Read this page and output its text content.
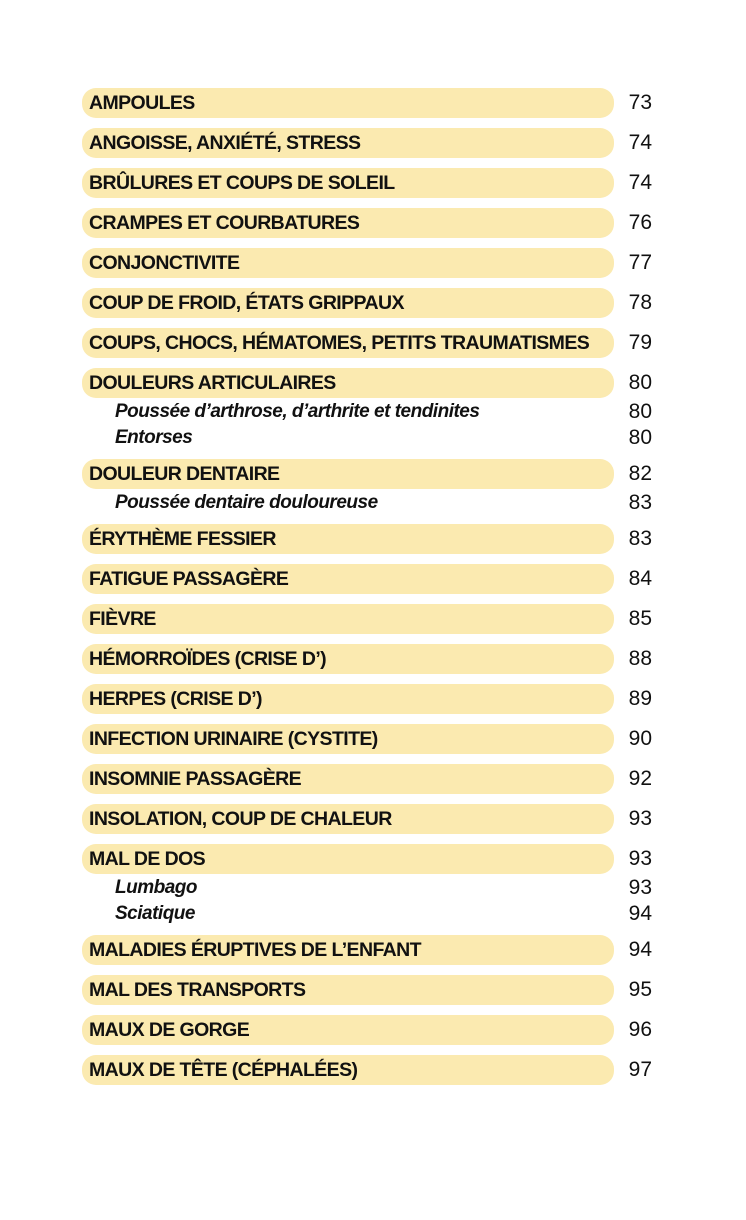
AMPOULES	73
ANGOISSE, ANXIÉTÉ, STRESS	74
BRÛLURES ET COUPS DE SOLEIL	74
CRAMPES ET COURBATURES	76
CONJONCTIVITE	77
COUP DE FROID, ÉTATS GRIPPAUX	78
COUPS, CHOCS, HÉMATOMES, PETITS TRAUMATISMES	79
DOULEURS ARTICULAIRES	80
Poussée d’arthrose, d’arthrite et tendinites	80
Entorses	80
DOULEUR DENTAIRE	82
Poussée dentaire douloureuse	83
ÉRYTHÈME FESSIER	83
FATIGUE PASSAGÈRE	84
FIÈVRE	85
HÉMORROÏDES (CRISE D’)	88
HERPES (CRISE D’)	89
INFECTION URINAIRE (CYSTITE)	90
INSOMNIE PASSAGÈRE	92
INSOLATION, COUP DE CHALEUR	93
MAL DE DOS	93
Lumbago	93
Sciatique	94
MALADIES ÉRUPTIVES DE L’ENFANT	94
MAL DES TRANSPORTS	95
MAUX DE GORGE	96
MAUX DE TÊTE (CÉPHALÉES)	97
